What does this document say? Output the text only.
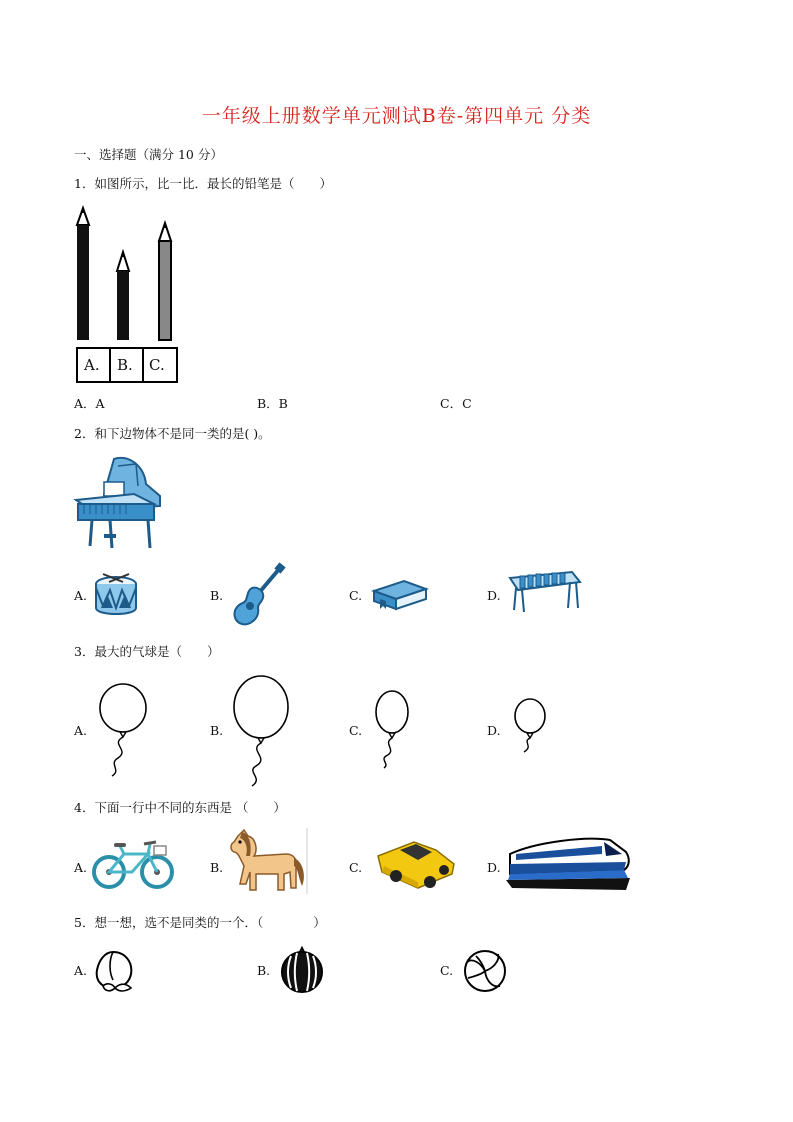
一年级上册数学单元测试B卷-第四单元 分类
一、选择题（满分 10 分）
1．如图所示，比一比．最长的铅笔是（　　）
A. B. C.
A．A	B．B	C．C
2．和下边物体不是同一类的是( )。
A.	B.	C.	D.
3．最大的气球是（　　）
A.	B.	C.	D.
4．下面一行中不同的东西是 （　　）
A.	B.	C.	D.
5．想一想，选不是同类的一个．（　　　　）
A.	B.	C.
